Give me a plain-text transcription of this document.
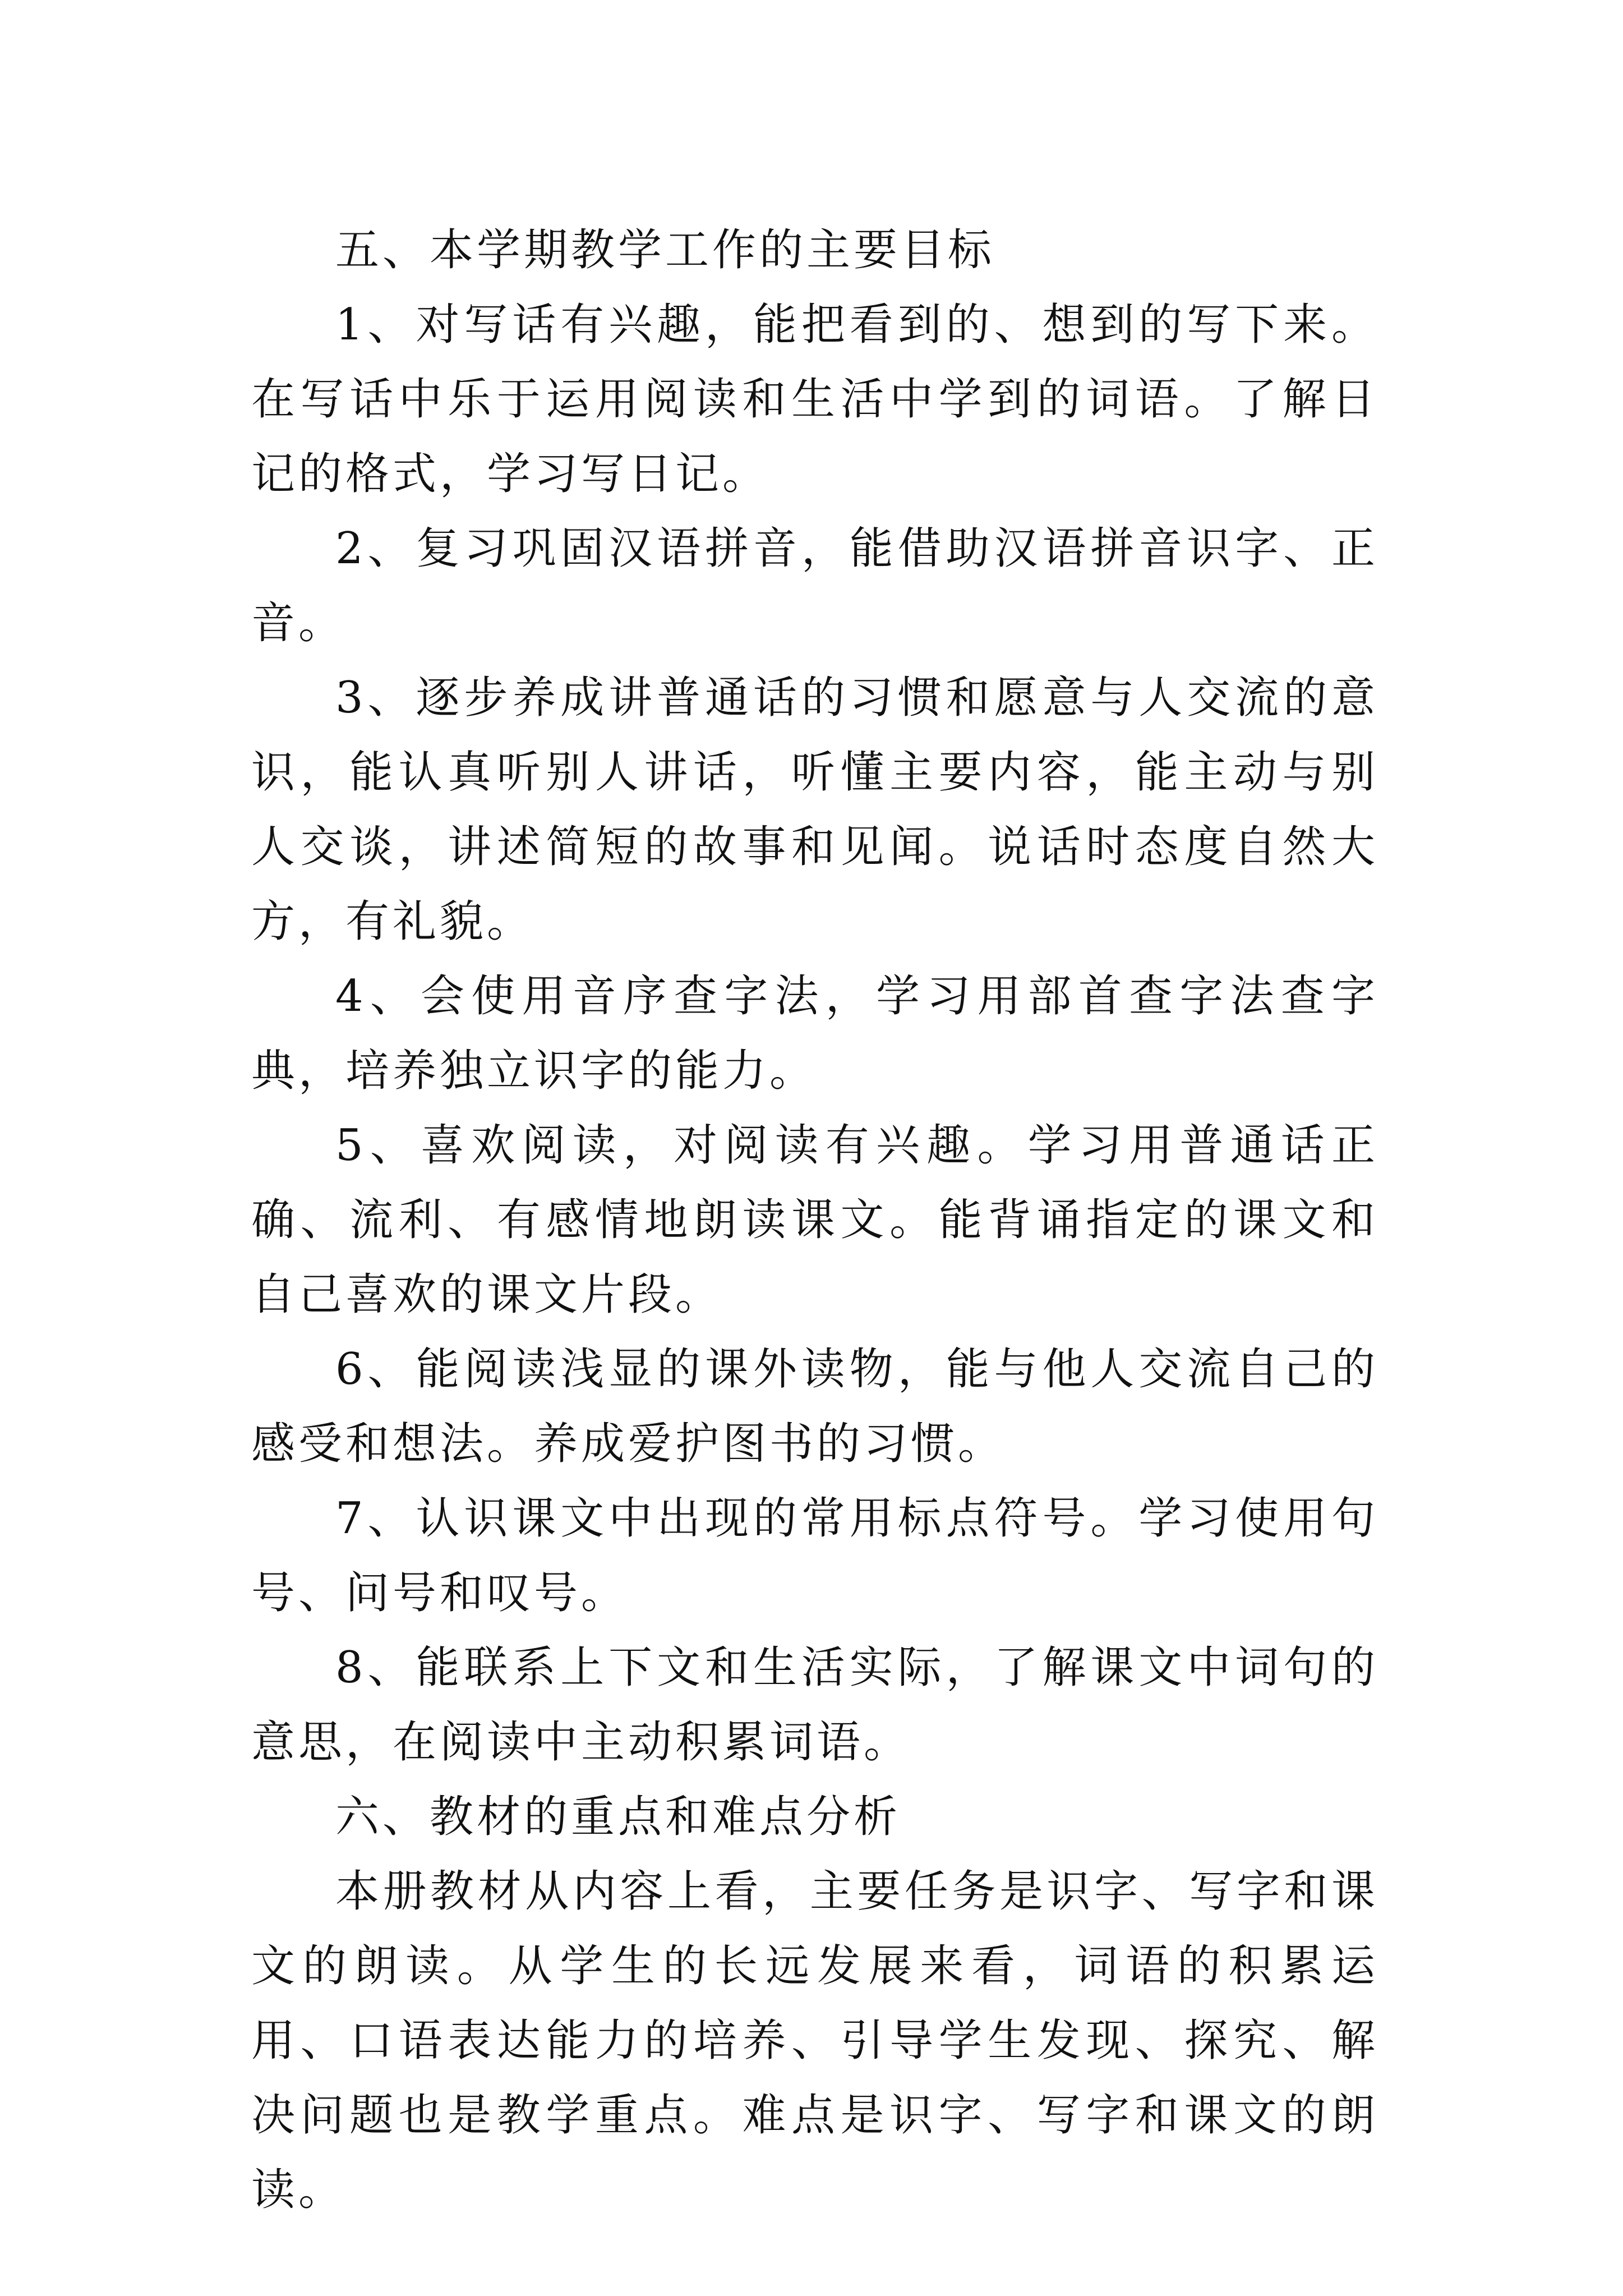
五、本学期教学工作的主要目标

1、对写话有兴趣，能把看到的、想到的写下来。在写话中乐于运用阅读和生活中学到的词语。了解日记的格式，学习写日记。

2、复习巩固汉语拼音，能借助汉语拼音识字、正音。

3、逐步养成讲普通话的习惯和愿意与人交流的意识，能认真听别人讲话，听懂主要内容，能主动与别人交谈，讲述简短的故事和见闻。说话时态度自然大方，有礼貌。

4、会使用音序查字法，学习用部首查字法查字典，培养独立识字的能力。

5、喜欢阅读，对阅读有兴趣。学习用普通话正确、流利、有感情地朗读课文。能背诵指定的课文和自己喜欢的课文片段。

6、能阅读浅显的课外读物，能与他人交流自己的感受和想法。养成爱护图书的习惯。

7、认识课文中出现的常用标点符号。学习使用句号、问号和叹号。

8、能联系上下文和生活实际，了解课文中词句的意思，在阅读中主动积累词语。

六、教材的重点和难点分析

本册教材从内容上看，主要任务是识字、写字和课文的朗读。从学生的长远发展来看，词语的积累运用、口语表达能力的培养、引导学生发现、探究、解决问题也是教学重点。难点是识字、写字和课文的朗读。
